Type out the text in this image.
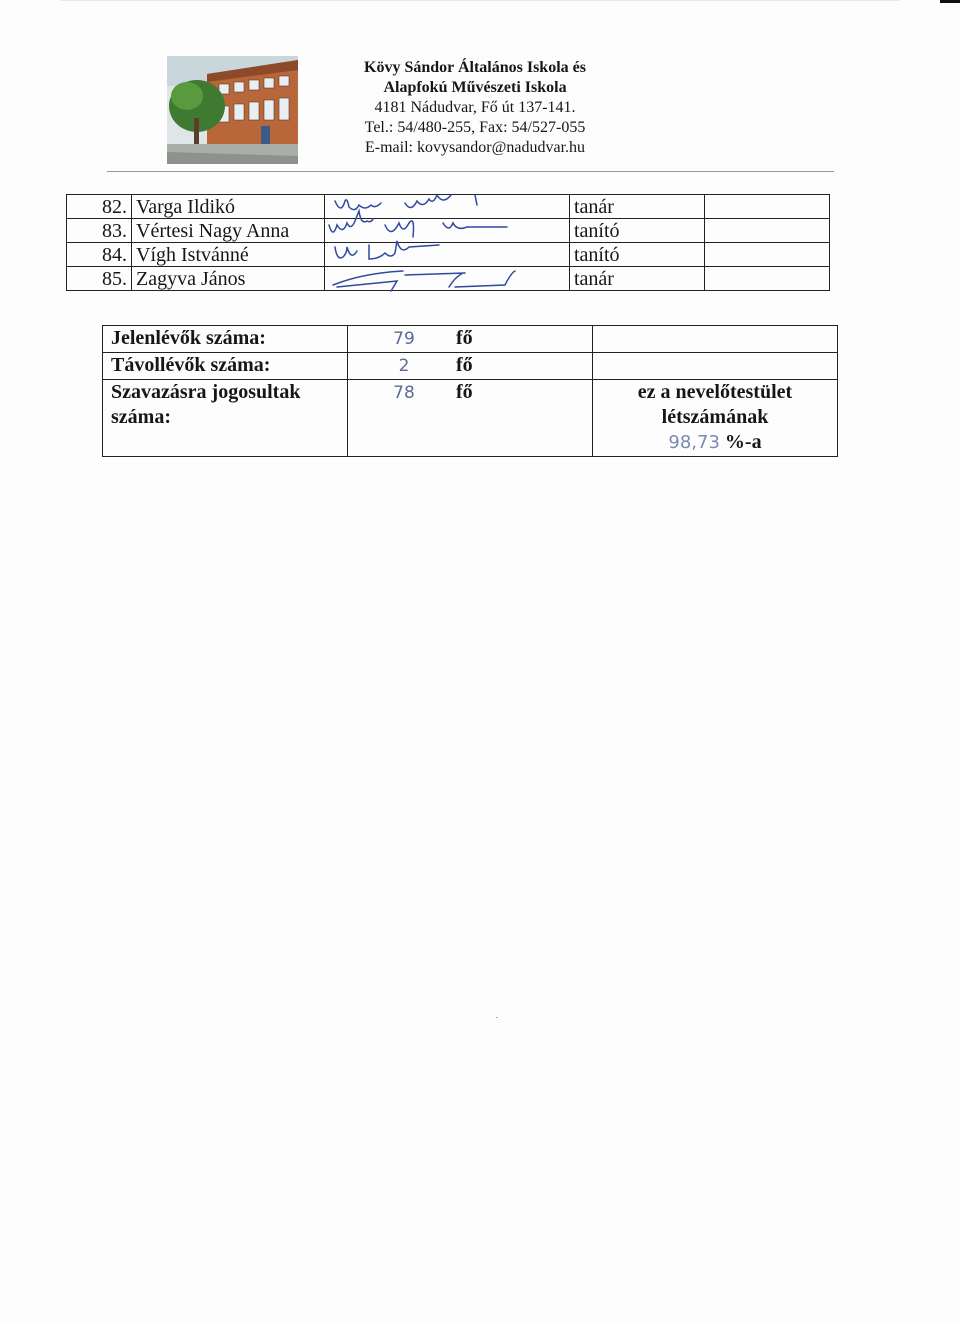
Kövy Sándor Általános Iskola és
Alapfokú Művészeti Iskola
4181 Nádudvar, Fő út 137-141.
Tel.: 54/480-255, Fax: 54/527-055
E-mail: kovysandor@nadudvar.hu
82.	Varga Ildikó		tanár	
83.	Vértesi Nagy Anna		tanító	
84.	Vígh Istvánné		tanító	
85.	Zagyva János		tanár	
Jelenlévők száma:	79 fő	
Távollévők száma:	2 fő	
Szavazásra jogosultak száma:	78 fő	ez a nevelőtestület
létszámának
98,73 %-a
